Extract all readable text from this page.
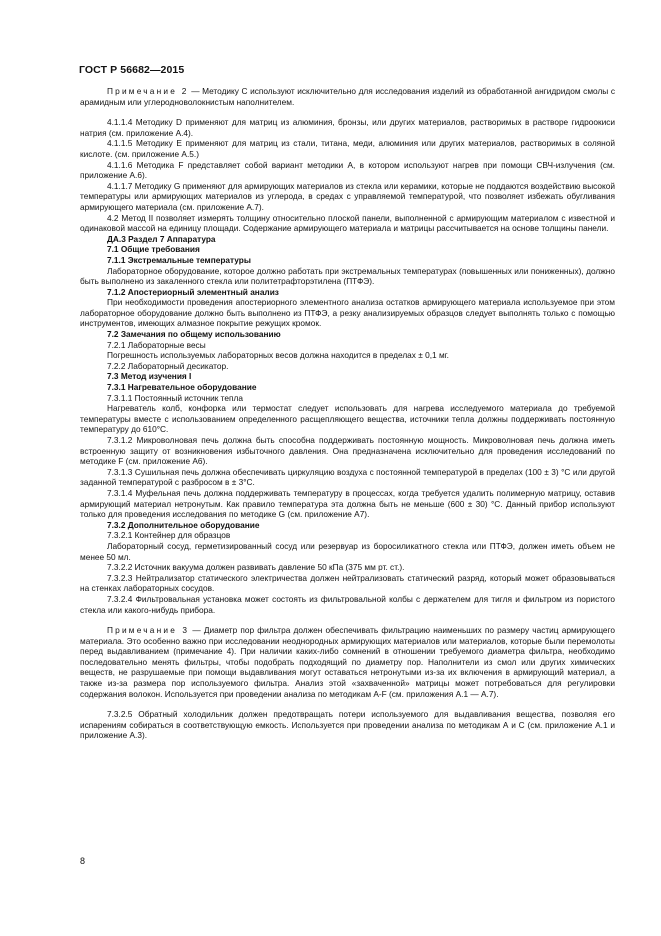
ГОСТ Р 56682—2015

Примечание 2 — Методику С используют исключительно для исследования изделий из обработанной ангидридом смолы с арамидным или углеродноволокнистым наполнителем.

4.1.1.4 Методику D применяют для матриц из алюминия, бронзы, или других материалов, растворимых в растворе гидроокиси натрия (см. приложение А.4).

4.1.1.5 Методику Е применяют для матриц из стали, титана, меди, алюминия или других материалов, растворимых в соляной кислоте. (см. приложение А.5.)

4.1.1.6 Методика F представляет собой вариант методики А, в котором используют нагрев при помощи СВЧ-излучения (см. приложение А.6).

4.1.1.7 Методику G применяют для армирующих материалов из стекла или керамики, которые не поддаются воздействию высокой температуры или армирующих материалов из углерода, в средах с управляемой температурой, что позволяет избежать обугливания армирующего материала (см. приложение А.7).

4.2 Метод II позволяет измерять толщину относительно плоской панели, выполненной с армирующим материалом с известной и одинаковой массой на единицу площади. Содержание армирующего материала и матрицы рассчитывается на основе толщины панели.

ДА.3 Раздел 7 Аппаратура

7.1 Общие требования

7.1.1 Экстремальные температуры

Лабораторное оборудование, которое должно работать при экстремальных температурах (повышенных или пониженных), должно быть выполнено из закаленного стекла или политетрафторэтилена (ПТФЭ).

7.1.2 Апостериорный элементный анализ

При необходимости проведения апостериорного элементного анализа остатков армирующего материала используемое при этом лабораторное оборудование должно быть выполнено из ПТФЭ, а резку анализируемых образцов следует выполнять только с помощью инструментов, имеющих алмазное покрытие режущих кромок.

7.2 Замечания по общему использованию

7.2.1 Лабораторные весы

Погрешность используемых лабораторных весов должна находится в пределах ± 0,1 мг.

7.2.2 Лабораторный десикатор.

7.3 Метод изучения I

7.3.1 Нагревательное оборудование

7.3.1.1 Постоянный источник тепла

Нагреватель колб, конфорка или термостат следует использовать для нагрева исследуемого материала до требуемой температуры вместе с использованием определенного расщепляющего вещества, источники тепла должны поддерживать постоянную температуру до 610°С.

7.3.1.2 Микроволновая печь должна быть способна поддерживать постоянную мощность. Микроволновая печь должна иметь встроенную защиту от возникновения избыточного давления. Она предназначена исключительно для проведения исследований по методике F (см. приложение А6).

7.3.1.3 Сушильная печь должна обеспечивать циркуляцию воздуха с постоянной температурой в пределах (100 ± 3) °С или другой заданной температурой с разбросом в ± 3°С.

7.3.1.4 Муфельная печь должна поддерживать температуру в процессах, когда требуется удалить полимерную матрицу, оставив армирующий материал нетронутым. Как правило температура эта должна быть не меньше (600 ± 30) °С. Данный прибор используют только для проведения исследования по методике G (см. приложение А7).

7.3.2 Дополнительное оборудование

7.3.2.1 Контейнер для образцов

Лабораторный сосуд, герметизированный сосуд или резервуар из боросиликатного стекла или ПТФЭ, должен иметь объем не менее 50 мл.

7.3.2.2 Источник вакуума должен развивать давление 50 кПа (375 мм рт. ст.).

7.3.2.3 Нейтрализатор статического электричества должен нейтрализовать статический разряд, который может образовываться на стенках лабораторных сосудов.

7.3.2.4 Фильтровальная установка может состоять из фильтровальной колбы с держателем для тигля и фильтром из пористого стекла или какого-нибудь прибора.

Примечание 3 — Диаметр пор фильтра должен обеспечивать фильтрацию наименьших по размеру частиц армирующего материала. Это особенно важно при исследовании неоднородных армирующих материалов или материалов, которые были перемолоты перед выдавливанием (примечание 4). При наличии каких-либо сомнений в отношении требуемого диаметра фильтра, необходимо последовательно менять фильтры, чтобы подобрать подходящий по диаметру пор. Наполнители из смол или других химических веществ, не разрушаемые при помощи выдавливания могут оставаться нетронутыми из-за их включения в армирующий материал, а также из-за размера пор используемого фильтра. Анализ этой «захваченной» матрицы может потребоваться для регулировки содержания волокон. Используется при проведении анализа по методикам A-F (см. приложения А.1 — А.7).

7.3.2.5 Обратный холодильник должен предотвращать потери используемого для выдавливания вещества, позволяя его испарениям собираться в соответствующую емкость. Используется при проведении анализа по методикам А и С (см. приложение А.1 и приложение А.3).

8
